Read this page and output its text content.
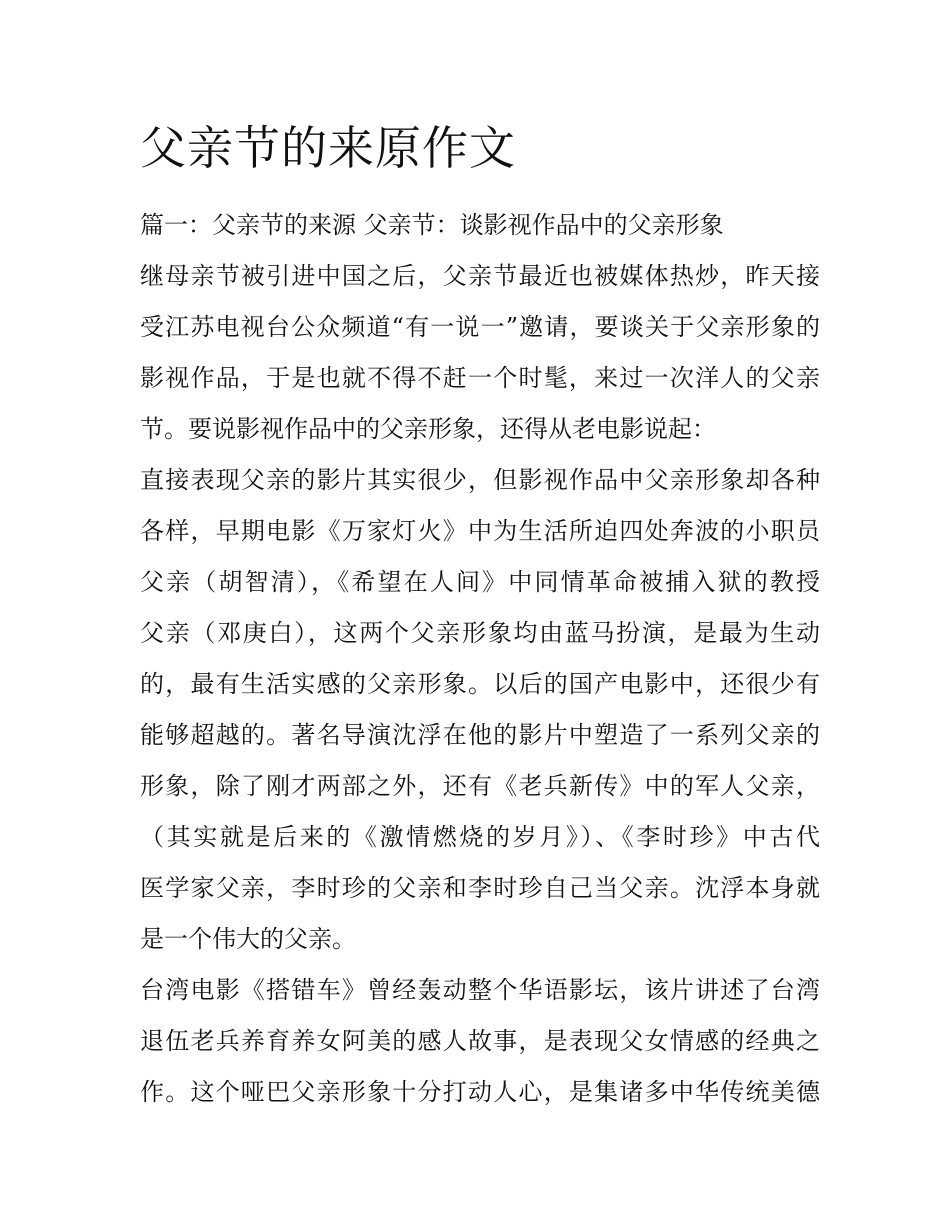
父亲节的来原作文
篇一：父亲节的来源 父亲节：谈影视作品中的父亲形象
继母亲节被引进中国之后，父亲节最近也被媒体热炒，昨天接
受江苏电视台公众频道“有一说一”邀请，要谈关于父亲形象的
影视作品，于是也就不得不赶一个时髦，来过一次洋人的父亲
节。要说影视作品中的父亲形象，还得从老电影说起：
直接表现父亲的影片其实很少，但影视作品中父亲形象却各种
各样，早期电影《万家灯火》中为生活所迫四处奔波的小职员
父亲（胡智清），《希望在人间》中同情革命被捕入狱的教授
父亲（邓庚白），这两个父亲形象均由蓝马扮演，是最为生动
的，最有生活实感的父亲形象。以后的国产电影中，还很少有
能够超越的。著名导演沈浮在他的影片中塑造了一系列父亲的
形象，除了刚才两部之外，还有《老兵新传》中的军人父亲，
（其实就是后来的《激情燃烧的岁月》）、《李时珍》中古代
医学家父亲，李时珍的父亲和李时珍自己当父亲。沈浮本身就
是一个伟大的父亲。
台湾电影《搭错车》曾经轰动整个华语影坛，该片讲述了台湾
退伍老兵养育养女阿美的感人故事，是表现父女情感的经典之
作。这个哑巴父亲形象十分打动人心，是集诸多中华传统美德
